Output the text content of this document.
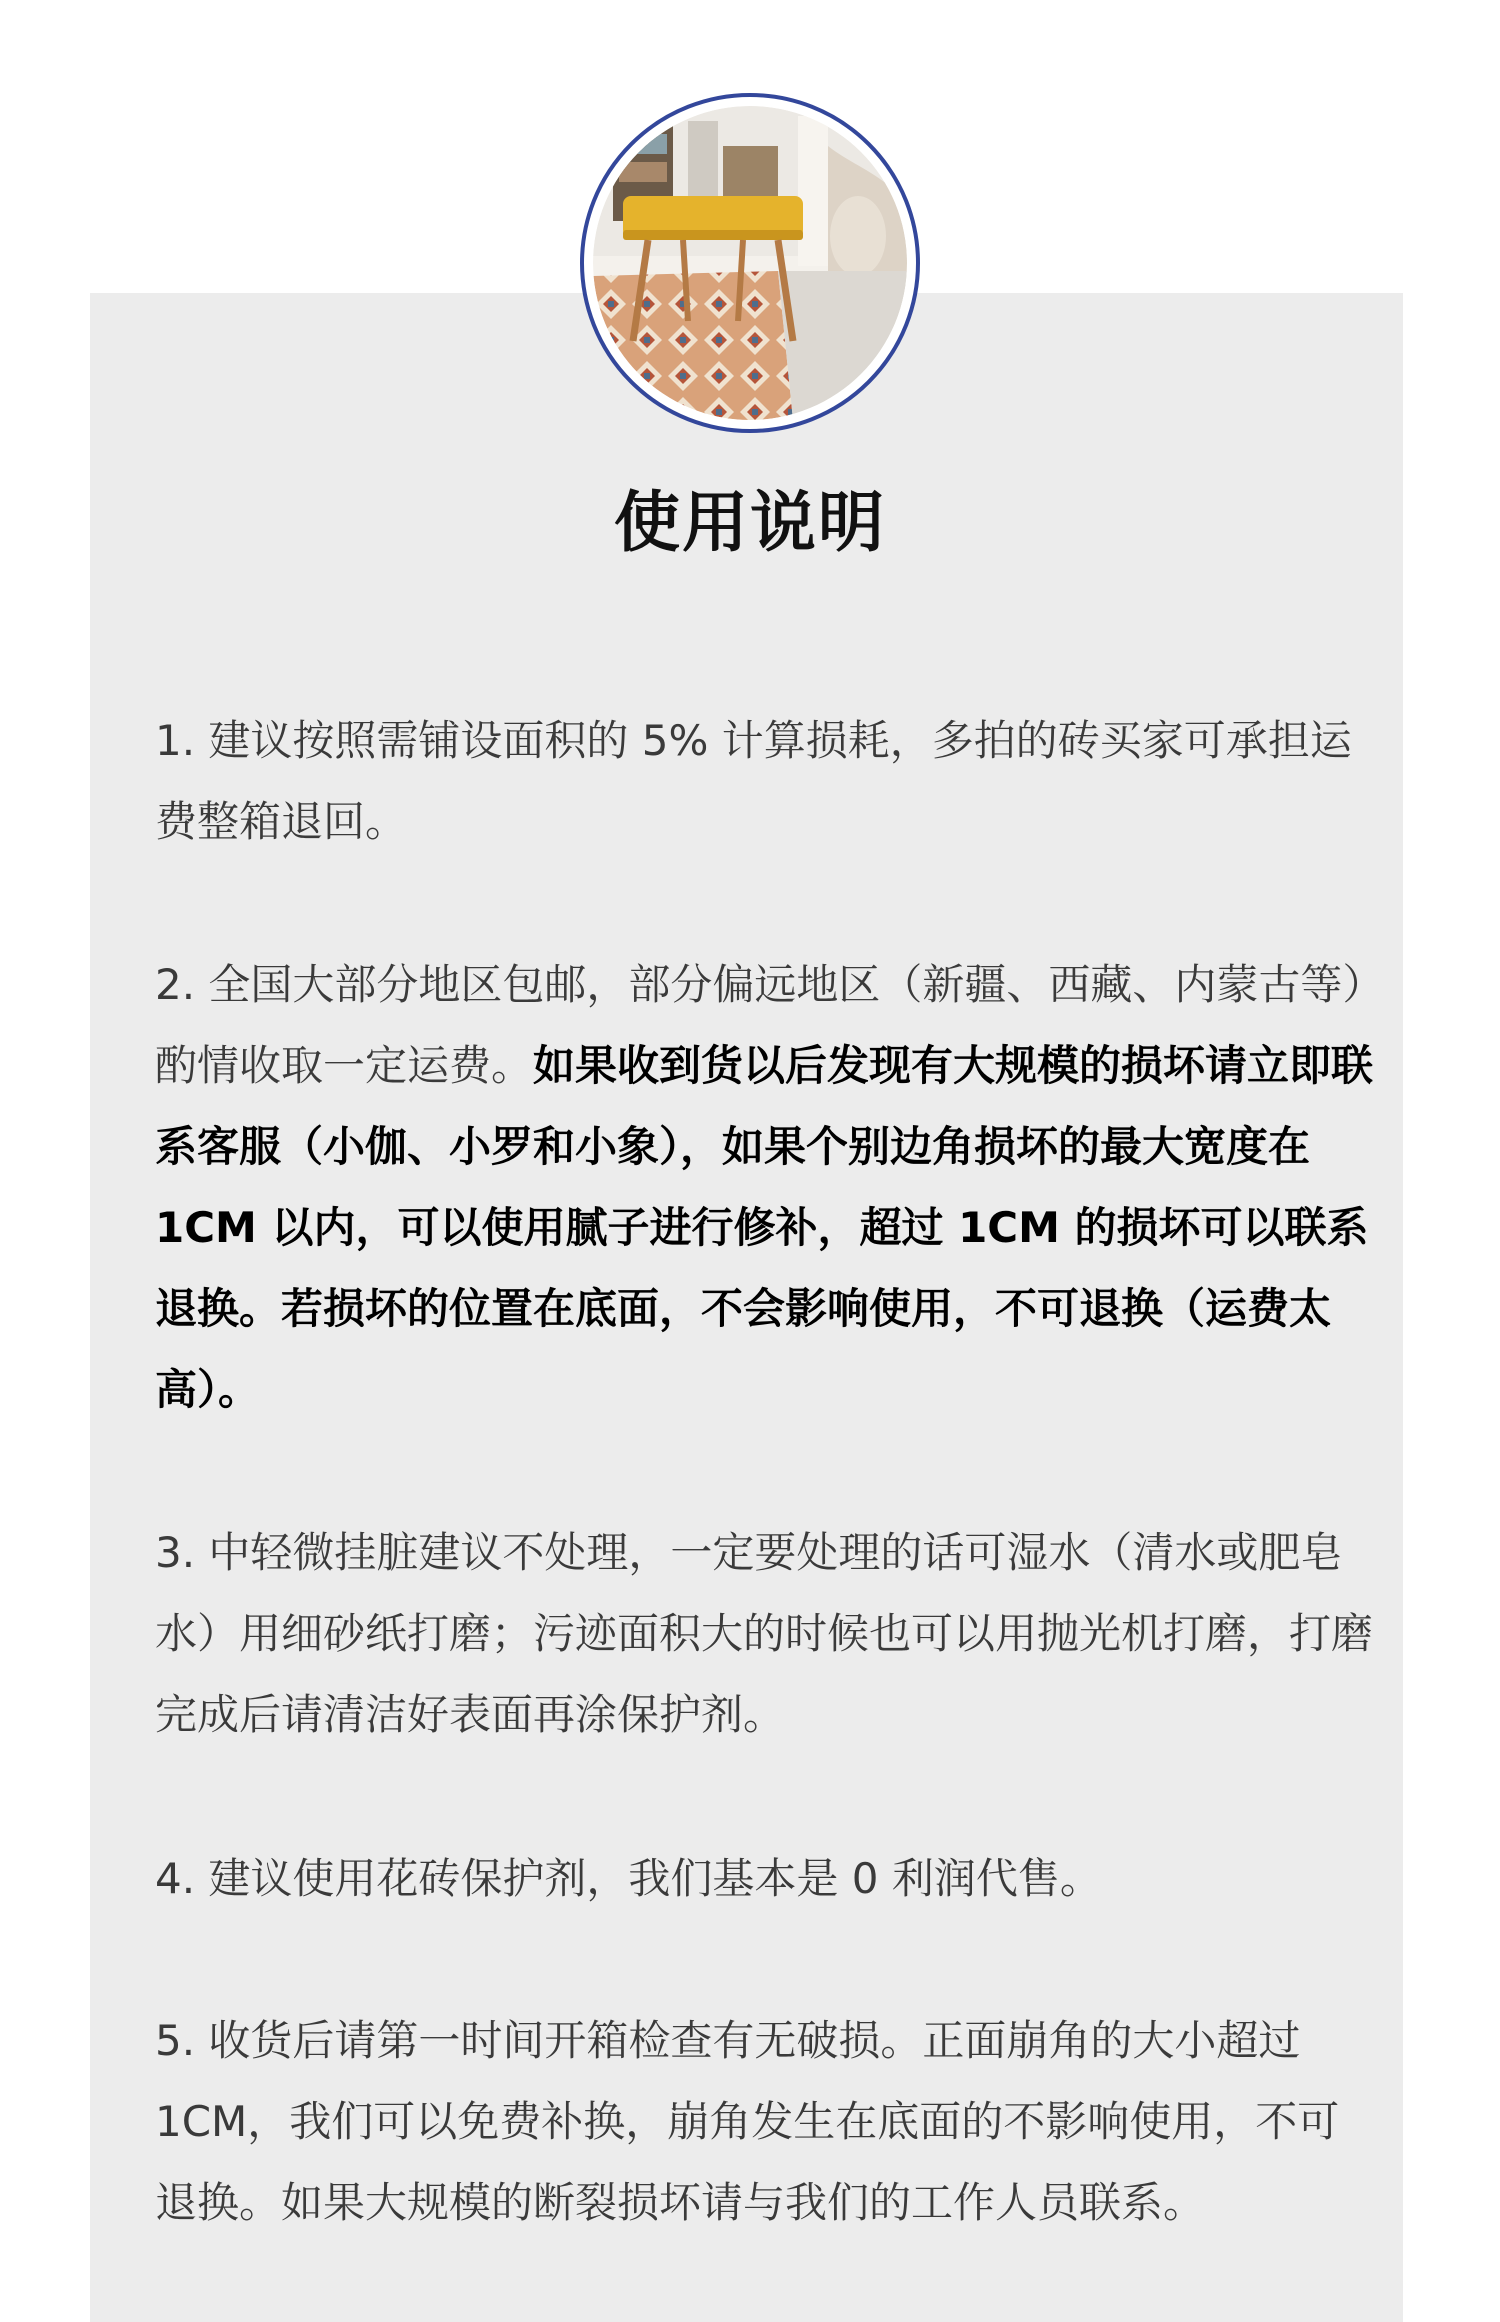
使用说明

1. 建议按照需铺设面积的 5% 计算损耗，多拍的砖买家可承担运费整箱退回。

2. 全国大部分地区包邮，部分偏远地区（新疆、西藏、内蒙古等）酌情收取一定运费。如果收到货以后发现有大规模的损坏请立即联系客服（小伽、小罗和小象），如果个别边角损坏的最大宽度在 1CM 以内，可以使用腻子进行修补，超过 1CM 的损坏可以联系退换。若损坏的位置在底面，不会影响使用，不可退换（运费太高）。

3. 中轻微挂脏建议不处理，一定要处理的话可湿水（清水或肥皂水）用细砂纸打磨；污迹面积大的时候也可以用抛光机打磨，打磨完成后请清洁好表面再涂保护剂。

4. 建议使用花砖保护剂，我们基本是 0 利润代售。

5. 收货后请第一时间开箱检查有无破损。正面崩角的大小超过 1CM，我们可以免费补换，崩角发生在底面的不影响使用，不可退换。如果大规模的断裂损坏请与我们的工作人员联系。
